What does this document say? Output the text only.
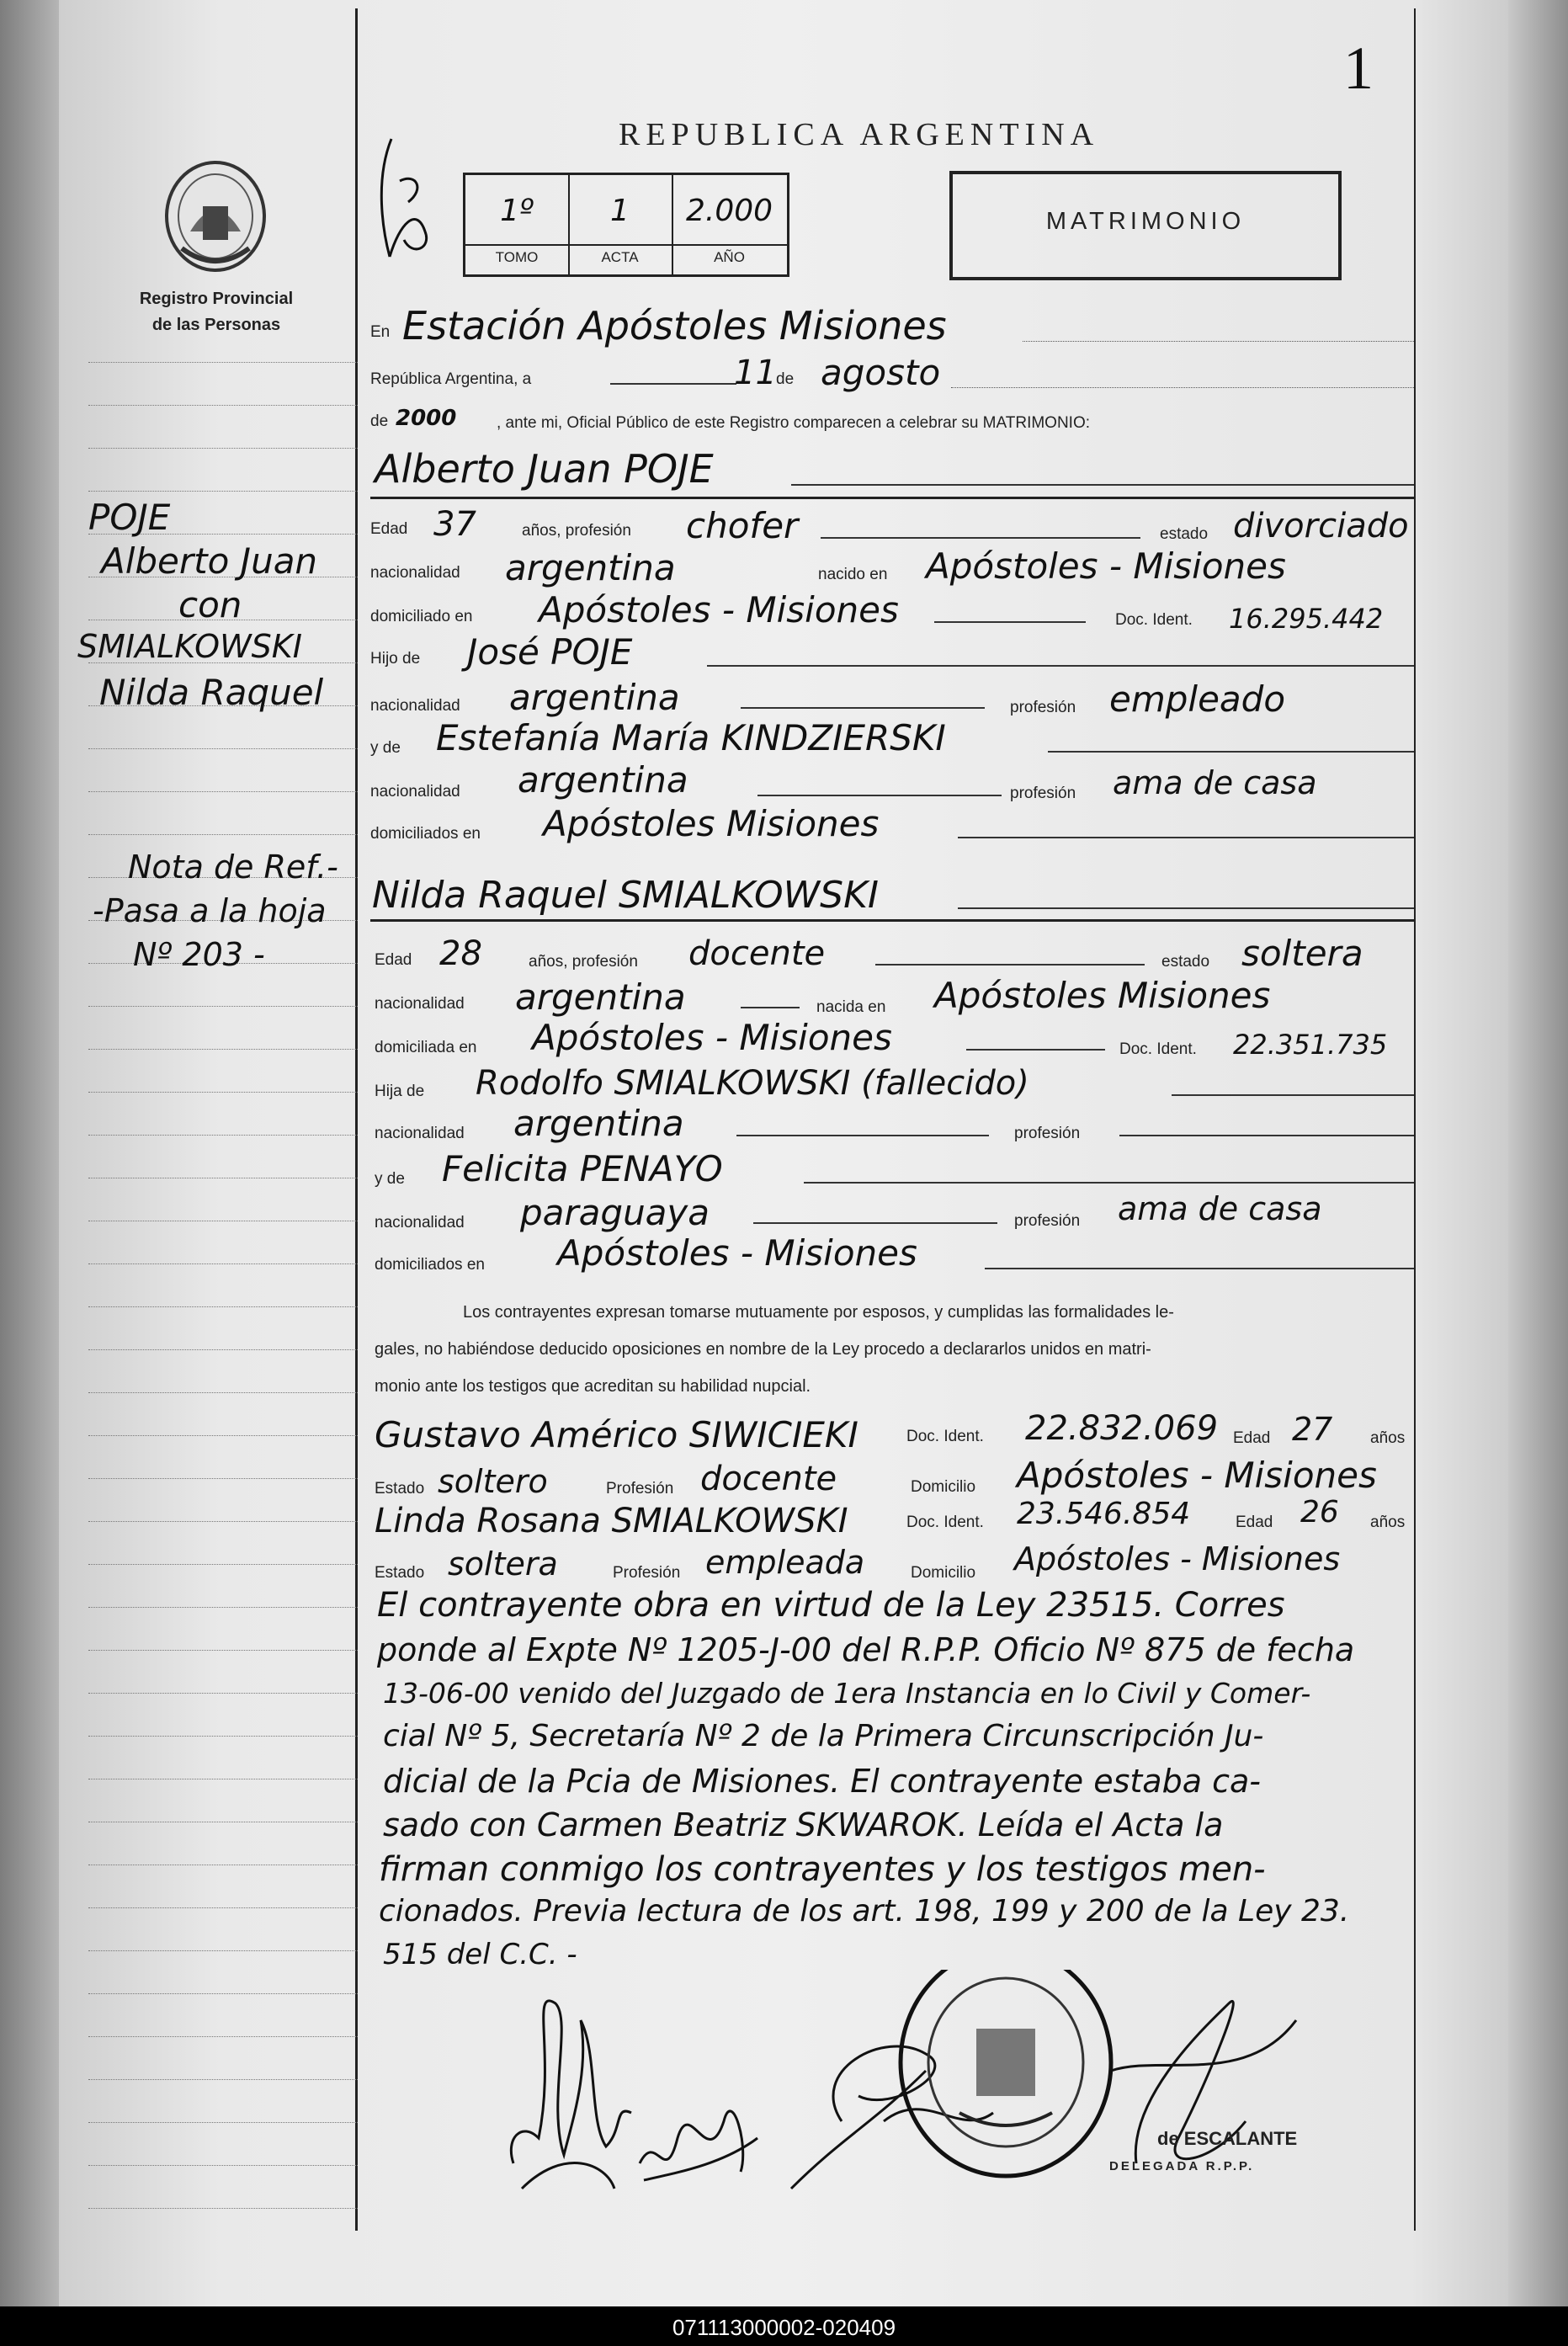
1
REPUBLICA ARGENTINA
Registro Provincial
de las Personas
1º	1	2.000
TOMO	ACTA	AÑO
MATRIMONIO
POJE
Alberto Juan
con
SMIALKOWSKI
Nilda Raquel
Nota de Ref.-
-Pasa a la hoja
Nº 203 -
En Estación Apóstoles Misiones
República Argentina, a	11 de agosto
de 2000	, ante mi, Oficial Público de este Registro comparecen a celebrar su MATRIMONIO:
Alberto Juan POJE
Edad 37	años, profesión chofer	estado divorciado
nacionalidad argentina	nacido en Apóstoles - Misiones
domiciliado en Apóstoles - Misiones	Doc. Ident. 16.295.442
Hijo de José POJE
nacionalidad argentina	profesión empleado
y de Estefanía María KINDZIERSKI
nacionalidad argentina	profesión ama de casa
domiciliados en Apóstoles Misiones
Nilda Raquel SMIALKOWSKI
Edad 28	años, profesión docente	estado soltera
nacionalidad argentina	nacida en Apóstoles Misiones
domiciliada en Apóstoles - Misiones	Doc. Ident. 22.351.735
Hija de Rodolfo SMIALKOWSKI (fallecido)
nacionalidad argentina	profesión
y de Felicita PENAYO
nacionalidad paraguaya	profesión ama de casa
domiciliados en Apóstoles - Misiones
Los contrayentes expresan tomarse mutuamente por esposos, y cumplidas las formalidades le-
gales, no habiéndose deducido oposiciones en nombre de la Ley procedo a declararlos unidos en matri-
monio ante los testigos que acreditan su habilidad nupcial.
Gustavo Américo SIWICIEKI	Doc. Ident. 22.832.069 Edad 27 años
Estado soltero	Profesión docente	Domicilio Apóstoles - Misiones
Linda Rosana SMIALKOWSKI	Doc. Ident. 23.546.854	Edad 26 años
Estado soltera	Profesión empleada	Domicilio Apóstoles - Misiones
El contrayente obra en virtud de la Ley 23515. Corres
ponde al Expte Nº 1205-J-00 del R.P.P. Oficio Nº 875 de fecha
13-06-00 venido del Juzgado de 1era Instancia en lo Civil y Comer-
cial Nº 5, Secretaría Nº 2 de la Primera Circunscripción Ju-
dicial de la Pcia de Misiones. El contrayente estaba ca-
sado con Carmen Beatriz SKWAROK. Leída el Acta la
firman conmigo los contrayentes y los testigos men-
cionados. Previa lectura de los art. 198, 199 y 200 de la Ley 23.
515 del C.C. -
de ESCALANTE
DELEGADA R.P.P.
071113000002-020409
